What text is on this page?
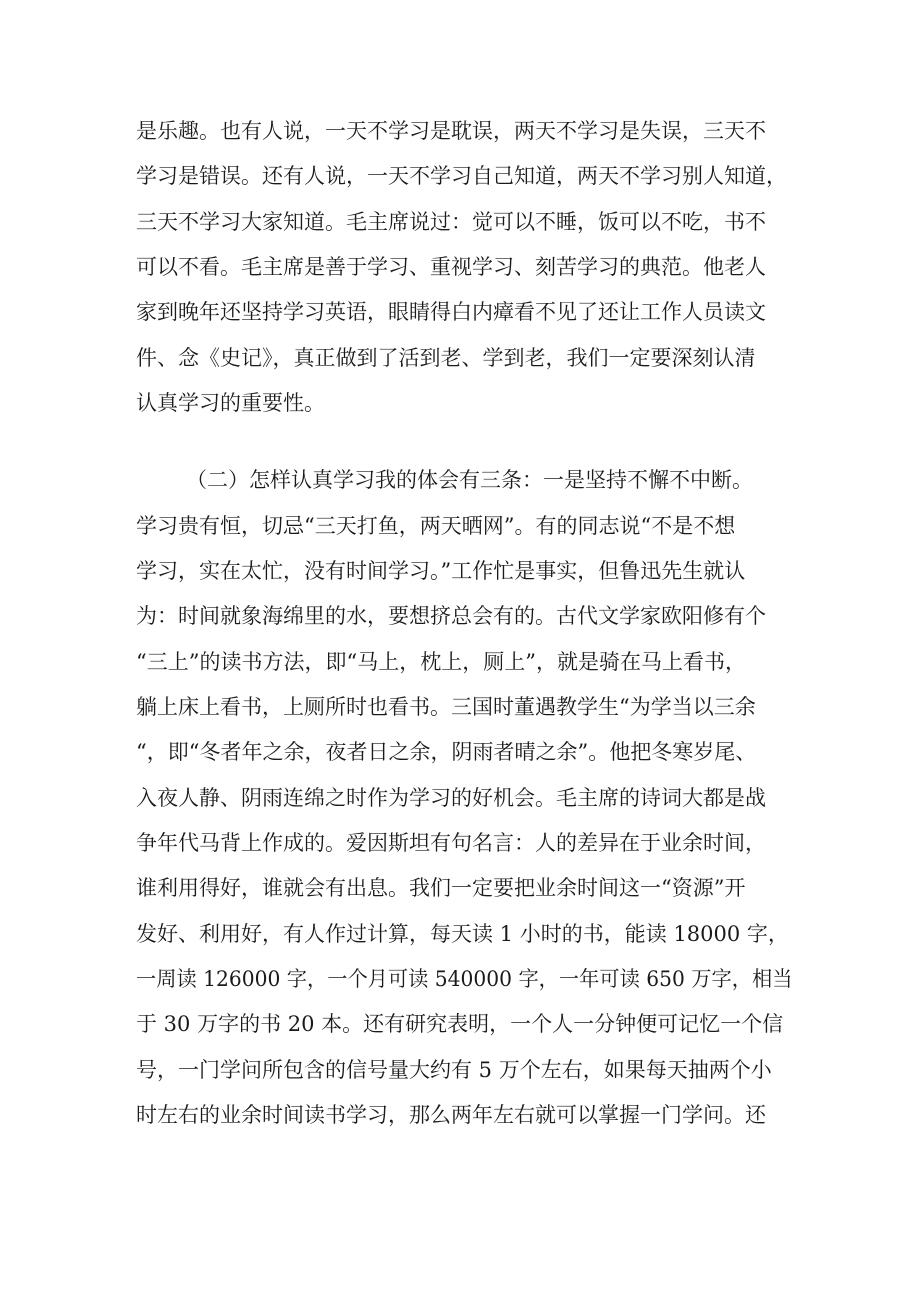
是乐趣。也有人说，一天不学习是耽误，两天不学习是失误，三天不
学习是错误。还有人说，一天不学习自己知道，两天不学习别人知道，
三天不学习大家知道。毛主席说过：觉可以不睡，饭可以不吃，书不
可以不看。毛主席是善于学习、重视学习、刻苦学习的典范。他老人
家到晚年还坚持学习英语，眼睛得白内瘴看不见了还让工作人员读文
件、念《史记》，真正做到了活到老、学到老，我们一定要深刻认清
认真学习的重要性。
（二）怎样认真学习我的体会有三条：一是坚持不懈不中断。
学习贵有恒，切忌“三天打鱼，两天晒网”。有的同志说“不是不想
学习，实在太忙，没有时间学习。”工作忙是事实，但鲁迅先生就认
为：时间就象海绵里的水，要想挤总会有的。古代文学家欧阳修有个
“三上”的读书方法，即“马上，枕上，厕上”，就是骑在马上看书，
躺上床上看书，上厕所时也看书。三国时董遇教学生“为学当以三余
“，即“冬者年之余，夜者日之余，阴雨者晴之余”。他把冬寒岁尾、
入夜人静、阴雨连绵之时作为学习的好机会。毛主席的诗词大都是战
争年代马背上作成的。爱因斯坦有句名言：人的差异在于业余时间，
谁利用得好，谁就会有出息。我们一定要把业余时间这一“资源”开
发好、利用好，有人作过计算，每天读 1 小时的书，能读 18000 字，
一周读 126000 字，一个月可读 540000 字，一年可读 650 万字，相当
于 30 万字的书 20 本。还有研究表明，一个人一分钟便可记忆一个信
号，一门学问所包含的信号量大约有 5 万个左右，如果每天抽两个小
时左右的业余时间读书学习，那么两年左右就可以掌握一门学问。还
